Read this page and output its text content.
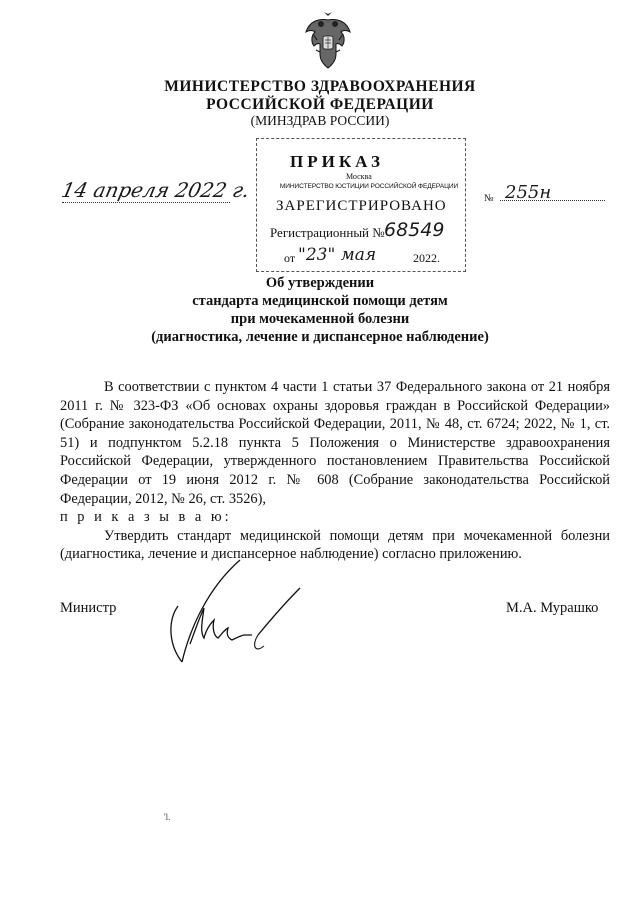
МИНИСТЕРСТВО ЗДРАВООХРАНЕНИЯ
РОССИЙСКОЙ ФЕДЕРАЦИИ
(МИНЗДРАВ РОССИИ)
ПРИКАЗ
Москва
МИНИСТЕРСТВО ЮСТИЦИИ РОССИЙСКОЙ ФЕДЕРАЦИИ
ЗАРЕГИСТРИРОВАНО
Регистрационный № 68549
от "23" мая	2022.
14 апреля 2022 г.	№ 255н
Об утверждении
стандарта медицинской помощи детям
при мочекаменной болезни
(диагностика, лечение и диспансерное наблюдение)

В соответствии с пунктом 4 части 1 статьи 37 Федерального закона от 21 ноября 2011 г. № 323-ФЗ «Об основах охраны здоровья граждан в Российской Федерации» (Собрание законодательства Российской Федерации, 2011, № 48, ст. 6724; 2022, № 1, ст. 51) и подпунктом 5.2.18 пункта 5 Положения о Министерстве здравоохранения Российской Федерации, утвержденного постановлением Правительства Российской Федерации от 19 июня 2012 г. № 608 (Собрание законодательства Российской Федерации, 2012, № 26, ст. 3526),
п р и к а з ы в а ю:

Утвердить стандарт медицинской помощи детям при мочекаменной болезни (диагностика, лечение и диспансерное наблюдение) согласно приложению.

Министр	М.А. Мурашко
'l.
